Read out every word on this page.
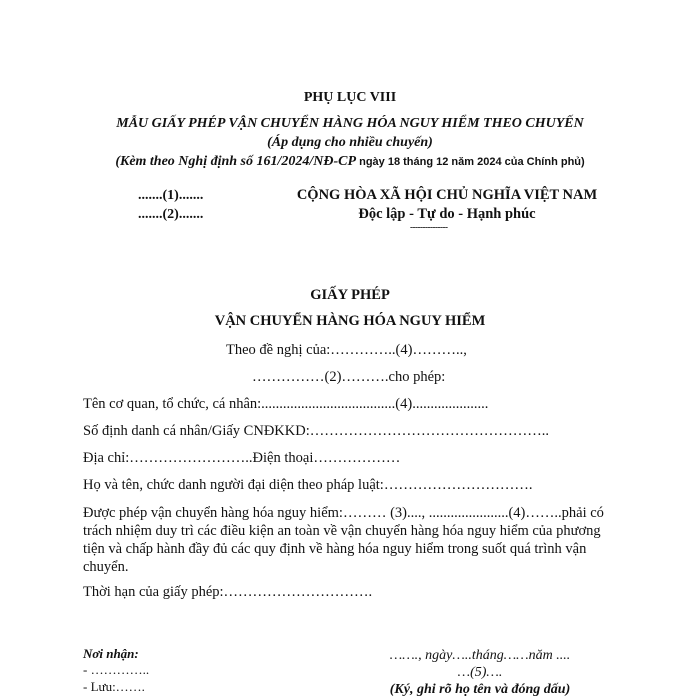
PHỤ LỤC VIII
MẪU GIẤY PHÉP VẬN CHUYỂN HÀNG HÓA NGUY HIỂM THEO CHUYẾN
(Áp dụng cho nhiều chuyến)
(Kèm theo Nghị định số 161/2024/NĐ-CP ngày 18 tháng 12 năm 2024 của Chính phủ)
.......(1).......
.......(2).......
CỘNG HÒA XÃ HỘI CHỦ NGHĨA VIỆT NAM
Độc lập - Tự do - Hạnh phúc
---------------
GIẤY PHÉP
VẬN CHUYỂN HÀNG HÓA NGUY HIỂM
Theo đề nghị của:…………..(4)………..,
……………(2)……….cho phép:
Tên cơ quan, tổ chức, cá nhân:.....................................(4).....................
Số định danh cá nhân/Giấy CNĐKKD:…………………………………………..
Địa chỉ:……………………..Điện thoại………………
Họ và tên, chức danh người đại diện theo pháp luật:………………………….
Được phép vận chuyển hàng hóa nguy hiểm:……… (3)...., ......................(4)……..phải có trách nhiệm duy trì các điều kiện an toàn về vận chuyển hàng hóa nguy hiểm của phương tiện và chấp hành đầy đủ các quy định về hàng hóa nguy hiểm trong suốt quá trình vận chuyển.
Thời hạn của giấy phép:………………………….
Nơi nhận:
- …………..
- Lưu:…….
……., ngày…..tháng……năm ....
…(5)….
(Ký, ghi rõ họ tên và đóng dấu)
